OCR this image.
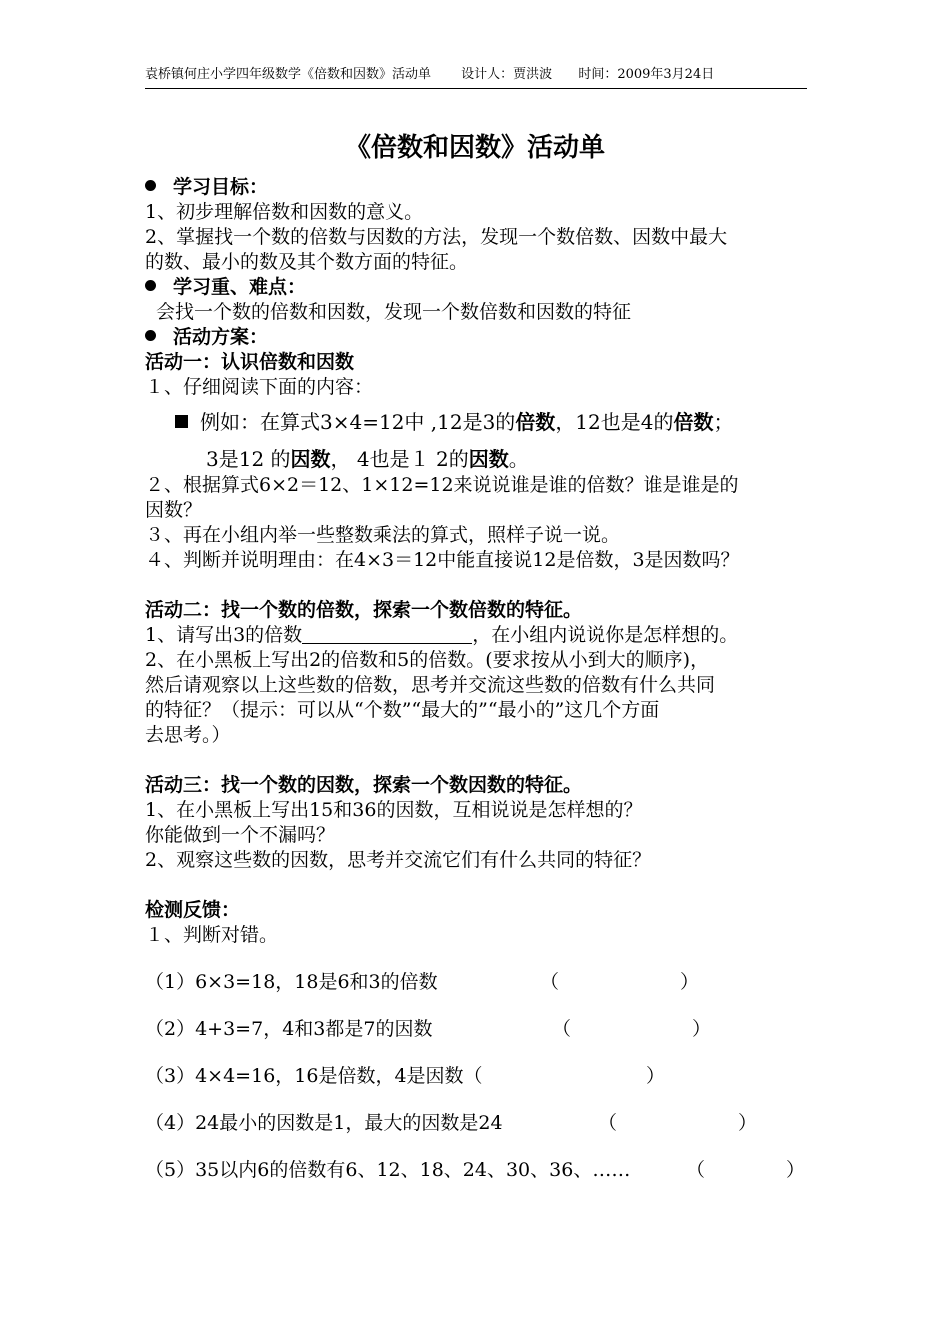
袁桥镇何庄小学四年级数学《倍数和因数》活动单 设计人：贾洪波 时间：2009年3月24日
《倍数和因数》活动单
学习目标：
1、初步理解倍数和因数的意义。
2、掌握找一个数的倍数与因数的方法，发现一个数倍数、因数中最大
的数、最小的数及其个数方面的特征。
学习重、难点：
会找一个数的倍数和因数，发现一个数倍数和因数的特征
活动方案：
活动一：认识倍数和因数
１、仔细阅读下面的内容：
例如：在算式3×4=12中 ,12是3的倍数，12也是4的倍数；
3是12 的因数， 4也是１ 2的因数。
２、根据算式6×2＝12、1×12=12来说说谁是谁的倍数？谁是谁是的
因数？
３、再在小组内举一些整数乘法的算式，照样子说一说。
４、判断并说明理由：在4×3＝12中能直接说12是倍数，3是因数吗？
活动二：找一个数的倍数，探索一个数倍数的特征。
1、请写出3的倍数	，在小组内说说你是怎样想的。
2、在小黑板上写出2的倍数和5的倍数。(要求按从小到大的顺序)，
然后请观察以上这些数的倍数，思考并交流这些数的倍数有什么共同
的特征？（提示：可以从“个数”“最大的”“最小的”这几个方面
去思考。）
活动三：找一个数的因数，探索一个数因数的特征。
1、在小黑板上写出15和36的因数，互相说说是怎样想的？
你能做到一个不漏吗？
2、观察这些数的因数，思考并交流它们有什么共同的特征？
检测反馈：
１、判断对错。
（1）6×3=18，18是6和3的倍数	（	）
（2）4+3=7，4和3都是7的因数	（	）
（3）4×4=16，16是倍数，4是因数（	）
（4）24最小的因数是1，最大的因数是24	（	）
（5）35以内6的倍数有6、12、18、24、30、36、……	（	）
